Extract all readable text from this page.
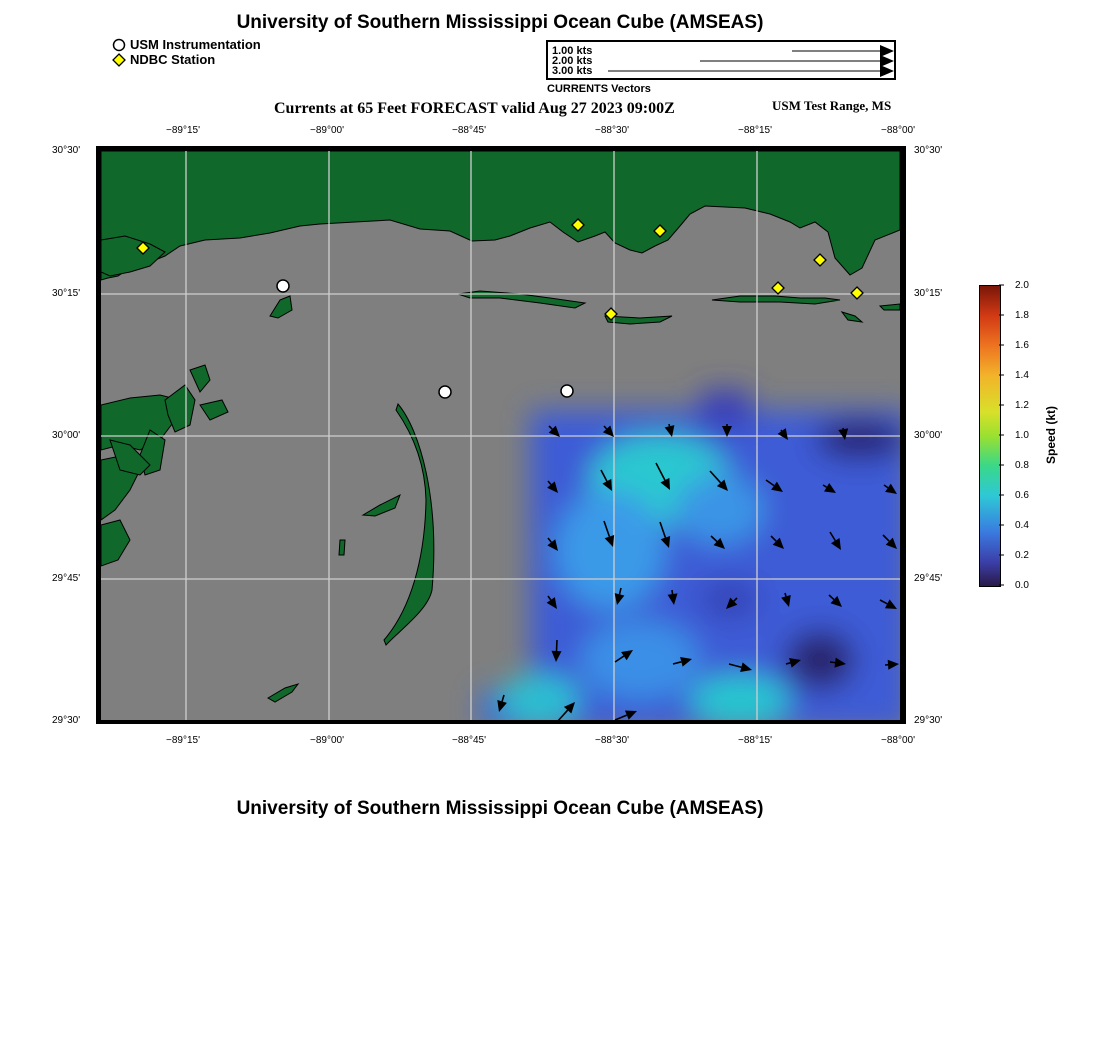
University of Southern Mississippi Ocean Cube (AMSEAS)
USM Instrumentation
NDBC Station
1.00 kts
2.00 kts
3.00 kts
CURRENTS Vectors
Currents at 65 Feet FORECAST valid Aug 27 2023 09:00Z	USM Test Range, MS
−89°15'	−89°00'	−88°45'	−88°30'	−88°15'	−88°00'
−89°15'	−89°00'	−88°45'	−88°30'	−88°15'	−88°00'
30°30'
30°15'
30°00'
29°45'
29°30'
30°30'
30°15'
30°00'
29°45'
29°30'
2.0
1.8
1.6
1.4
1.2
1.0
0.8
0.6
0.4
0.2
0.0
Speed (kt)
University of Southern Mississippi Ocean Cube (AMSEAS)
